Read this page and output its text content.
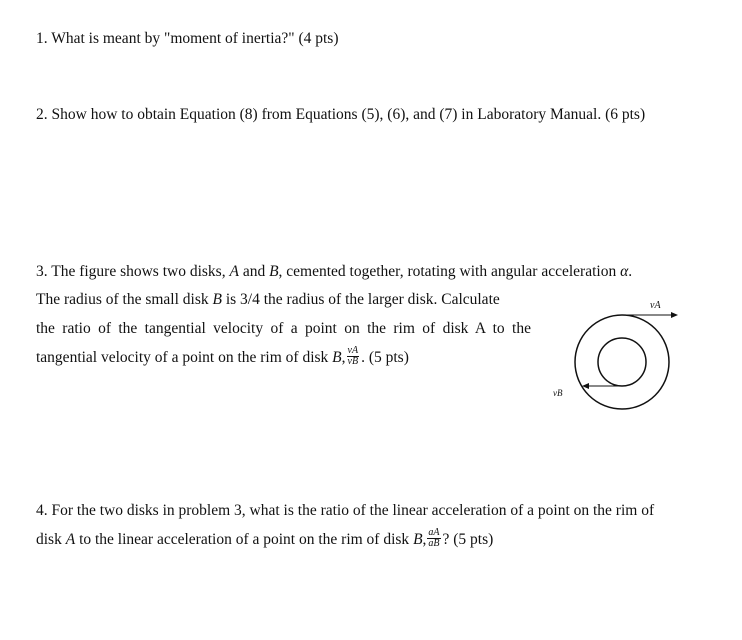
1. What is meant by "moment of inertia?" (4 pts)
2. Show how to obtain Equation (8) from Equations (5), (6), and (7) in Laboratory Manual. (6 pts)
3. The figure shows two disks, A and B, cemented together, rotating with angular acceleration α.
The radius of the small disk B is 3/4 the radius of the larger disk. Calculate
the ratio of the tangential velocity of a point on the rim of disk A to the
tangential velocity of a point on the rim of disk B, $\frac{vA}{vB}$ . (5 pts)
vA
vB
4. For the two disks in problem 3, what is the ratio of the linear acceleration of a point on the rim of
disk A to the linear acceleration of a point on the rim of disk B, $\frac{aA}{aB}$ ? (5 pts)
